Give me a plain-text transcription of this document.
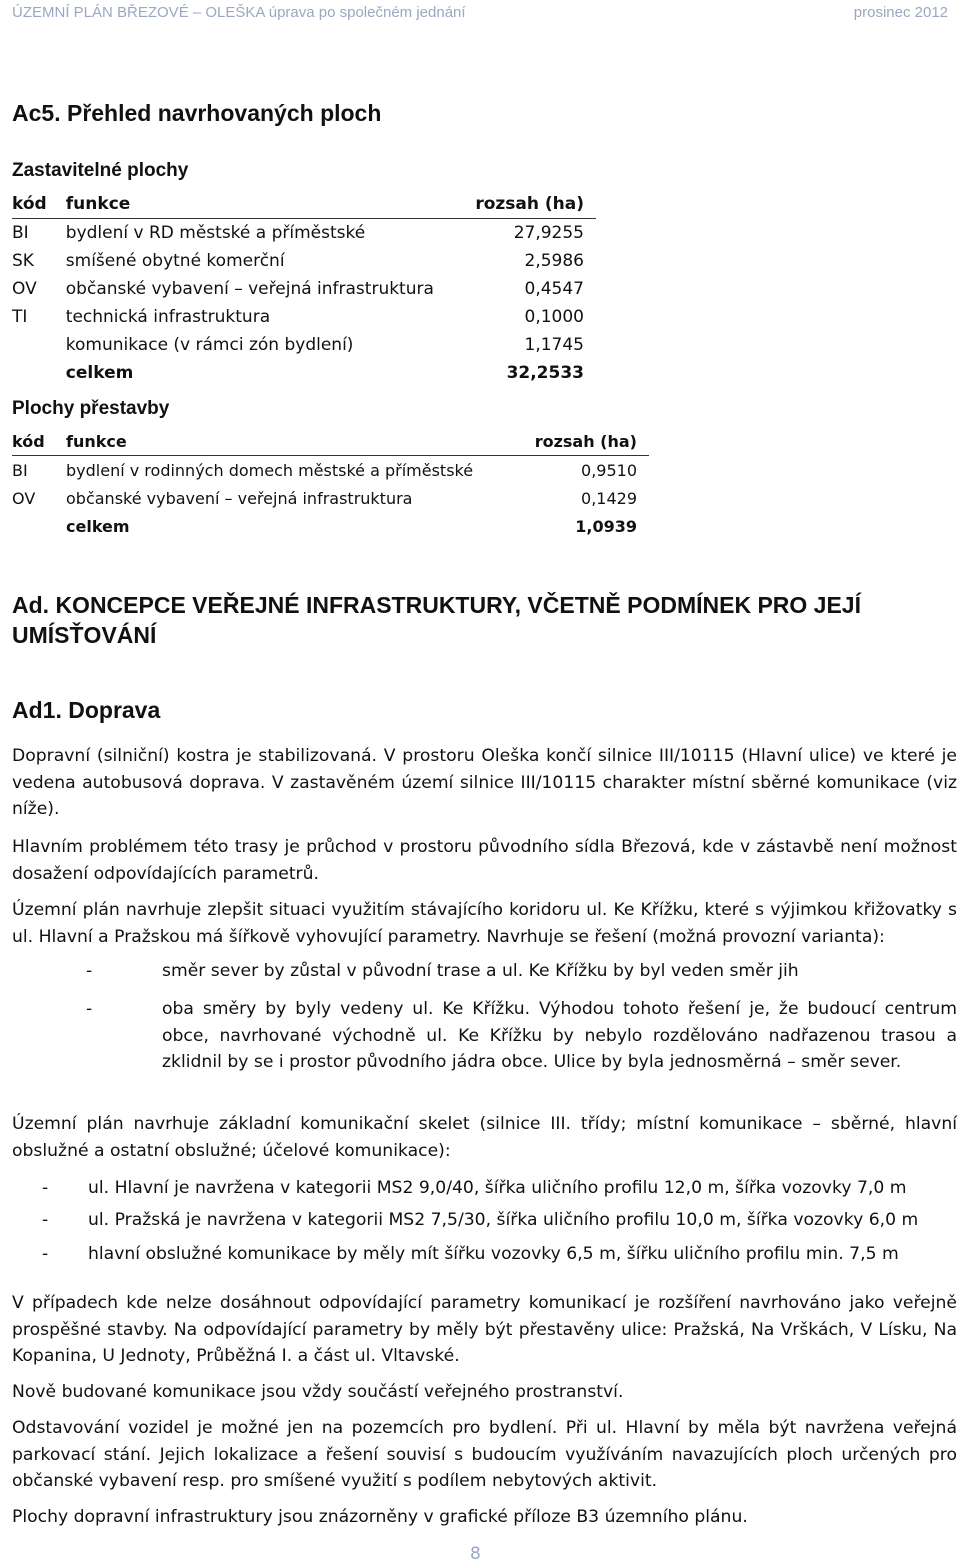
ÚZEMNÍ PLÁN BŘEZOVÉ – OLEŠKA úprava po společném jednání	prosinec 2012
Ac5. Přehled navrhovaných ploch
Zastavitelné plochy
kód	funkce	rozsah (ha)
BI	bydlení v RD městské a příměstské	27,9255
SK	smíšené obytné komerční	2,5986
OV	občanské vybavení – veřejná infrastruktura	0,4547
TI	technická infrastruktura	0,1000
	komunikace (v rámci zón bydlení)	1,1745
	celkem	32,2533
Plochy přestavby
kód	funkce	rozsah (ha)
BI	bydlení v rodinných domech městské a příměstské	0,9510
OV	občanské vybavení – veřejná infrastruktura	0,1429
	celkem	1,0939
Ad. KONCEPCE VEŘEJNÉ INFRASTRUKTURY, VČETNĚ PODMÍNEK PRO JEJÍ UMÍSŤOVÁNÍ
Ad1. Doprava

Dopravní (silniční) kostra je stabilizovaná. V prostoru Oleška končí silnice III/10115 (Hlavní ulice) ve které je vedena autobusová doprava. V zastavěném území silnice III/10115 charakter místní sběrné komunikace (viz níže).

Hlavním problémem této trasy je průchod v prostoru původního sídla Březová, kde v zástavbě není možnost dosažení odpovídajících parametrů.

Územní plán navrhuje zlepšit situaci využitím stávajícího koridoru ul. Ke Křížku, které s výjimkou křižovatky s ul. Hlavní a Pražskou má šířkově vyhovující parametry. Navrhuje se řešení (možná provozní varianta):

-	směr sever by zůstal v původní trase a ul. Ke Křížku by byl veden směr jih
-	oba směry by byly vedeny ul. Ke Křížku. Výhodou tohoto řešení je, že budoucí centrum obce, navrhované východně ul. Ke Křížku by nebylo rozdělováno nadřazenou trasou a zklidnil by se i prostor původního jádra obce. Ulice by byla jednosměrná – směr sever.

Územní plán navrhuje základní komunikační skelet (silnice III. třídy; místní komunikace – sběrné, hlavní obslužné a ostatní obslužné; účelové komunikace):

- ul. Hlavní je navržena v kategorii MS2 9,0/40, šířka uličního profilu 12,0 m, šířka vozovky 7,0 m
- ul. Pražská je navržena v kategorii MS2 7,5/30, šířka uličního profilu 10,0 m, šířka vozovky 6,0 m
- hlavní obslužné komunikace by měly mít šířku vozovky 6,5 m, šířku uličního profilu min. 7,5 m

V případech kde nelze dosáhnout odpovídající parametry komunikací je rozšíření navrhováno jako veřejně prospěšné stavby. Na odpovídající parametry by měly být přestavěny ulice: Pražská, Na Vrškách, V Lísku, Na Kopanina, U Jednoty, Průběžná I. a část ul. Vltavské.

Nově budované komunikace jsou vždy součástí veřejného prostranství.

Odstavování vozidel je možné jen na pozemcích pro bydlení. Při ul. Hlavní by měla být navržena veřejná parkovací stání. Jejich lokalizace a řešení souvisí s budoucím využíváním navazujících ploch určených pro občanské vybavení resp. pro smíšené využití s podílem nebytových aktivit.

Plochy dopravní infrastruktury jsou znázorněny v grafické příloze B3 územního plánu.

8
